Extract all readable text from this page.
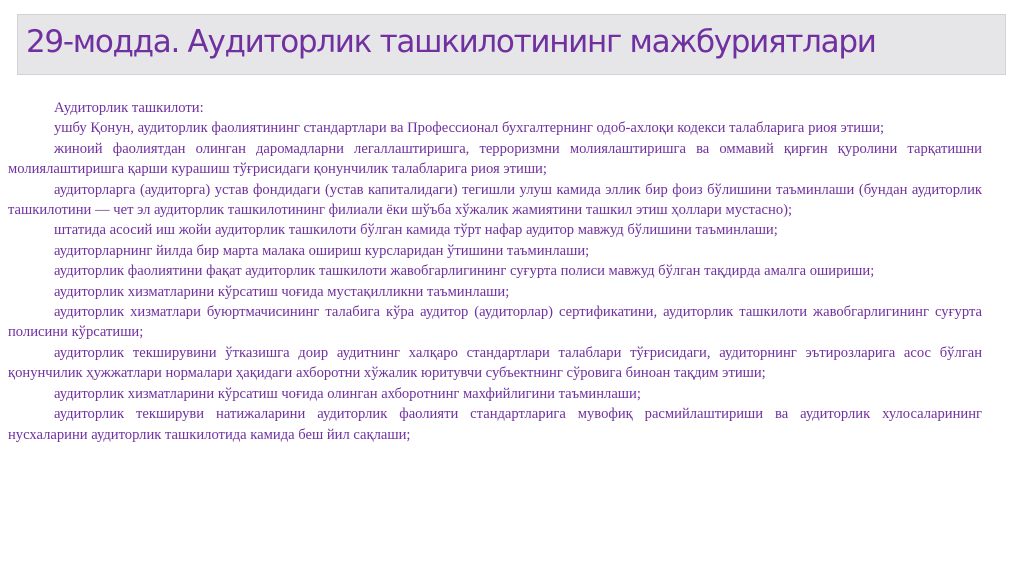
29-модда. Аудиторлик ташкилотининг мажбуриятлари

Аудиторлик ташкилоти:

ушбу Қонун, аудиторлик фаолиятининг стандартлари ва Профессионал бухгалтернинг одоб-ахлоқи кодекси талабларига риоя этиши;

жиноий фаолиятдан олинган даромадларни легаллаштиришга, терроризмни молиялаштиришга ва оммавий қирғин қуролини тарқатишни молиялаштиришга қарши курашиш тўғрисидаги қонунчилик талабларига риоя этиши;

аудиторларга (аудиторга) устав фондидаги (устав капиталидаги) тегишли улуш камида эллик бир фоиз бўлишини таъминлаши (бундан аудиторлик ташкилотини — чет эл аудиторлик ташкилотининг филиали ёки шўъба хўжалик жамиятини ташкил этиш ҳоллари мустасно);

штатида асосий иш жойи аудиторлик ташкилоти бўлган камида тўрт нафар аудитор мавжуд бўлишини таъминлаши;

аудиторларнинг йилда бир марта малака ошириш курсларидан ўтишини таъминлаши;

аудиторлик фаолиятини фақат аудиторлик ташкилоти жавобгарлигининг суғурта полиси мавжуд бўлган тақдирда амалга ошириши;

аудиторлик хизматларини кўрсатиш чоғида мустақилликни таъминлаши;

аудиторлик хизматлари буюртмачисининг талабига кўра аудитор (аудиторлар) сертификатини, аудиторлик ташкилоти жавобгарлигининг суғурта полисини кўрсатиши;

аудиторлик текширувини ўтказишга доир аудитнинг халқаро стандартлари талаблари тўғрисидаги, аудиторнинг эътирозларига асос бўлган қонунчилик ҳужжатлари нормалари ҳақидаги ахборотни хўжалик юритувчи субъектнинг сўровига биноан тақдим этиши;

аудиторлик хизматларини кўрсатиш чоғида олинган ахборотнинг махфийлигини таъминлаши;

аудиторлик текшируви натижаларини аудиторлик фаолияти стандартларига мувофиқ расмийлаштириши ва аудиторлик хулосаларининг нусхаларини аудиторлик ташкилотида камида беш йил сақлаши;
